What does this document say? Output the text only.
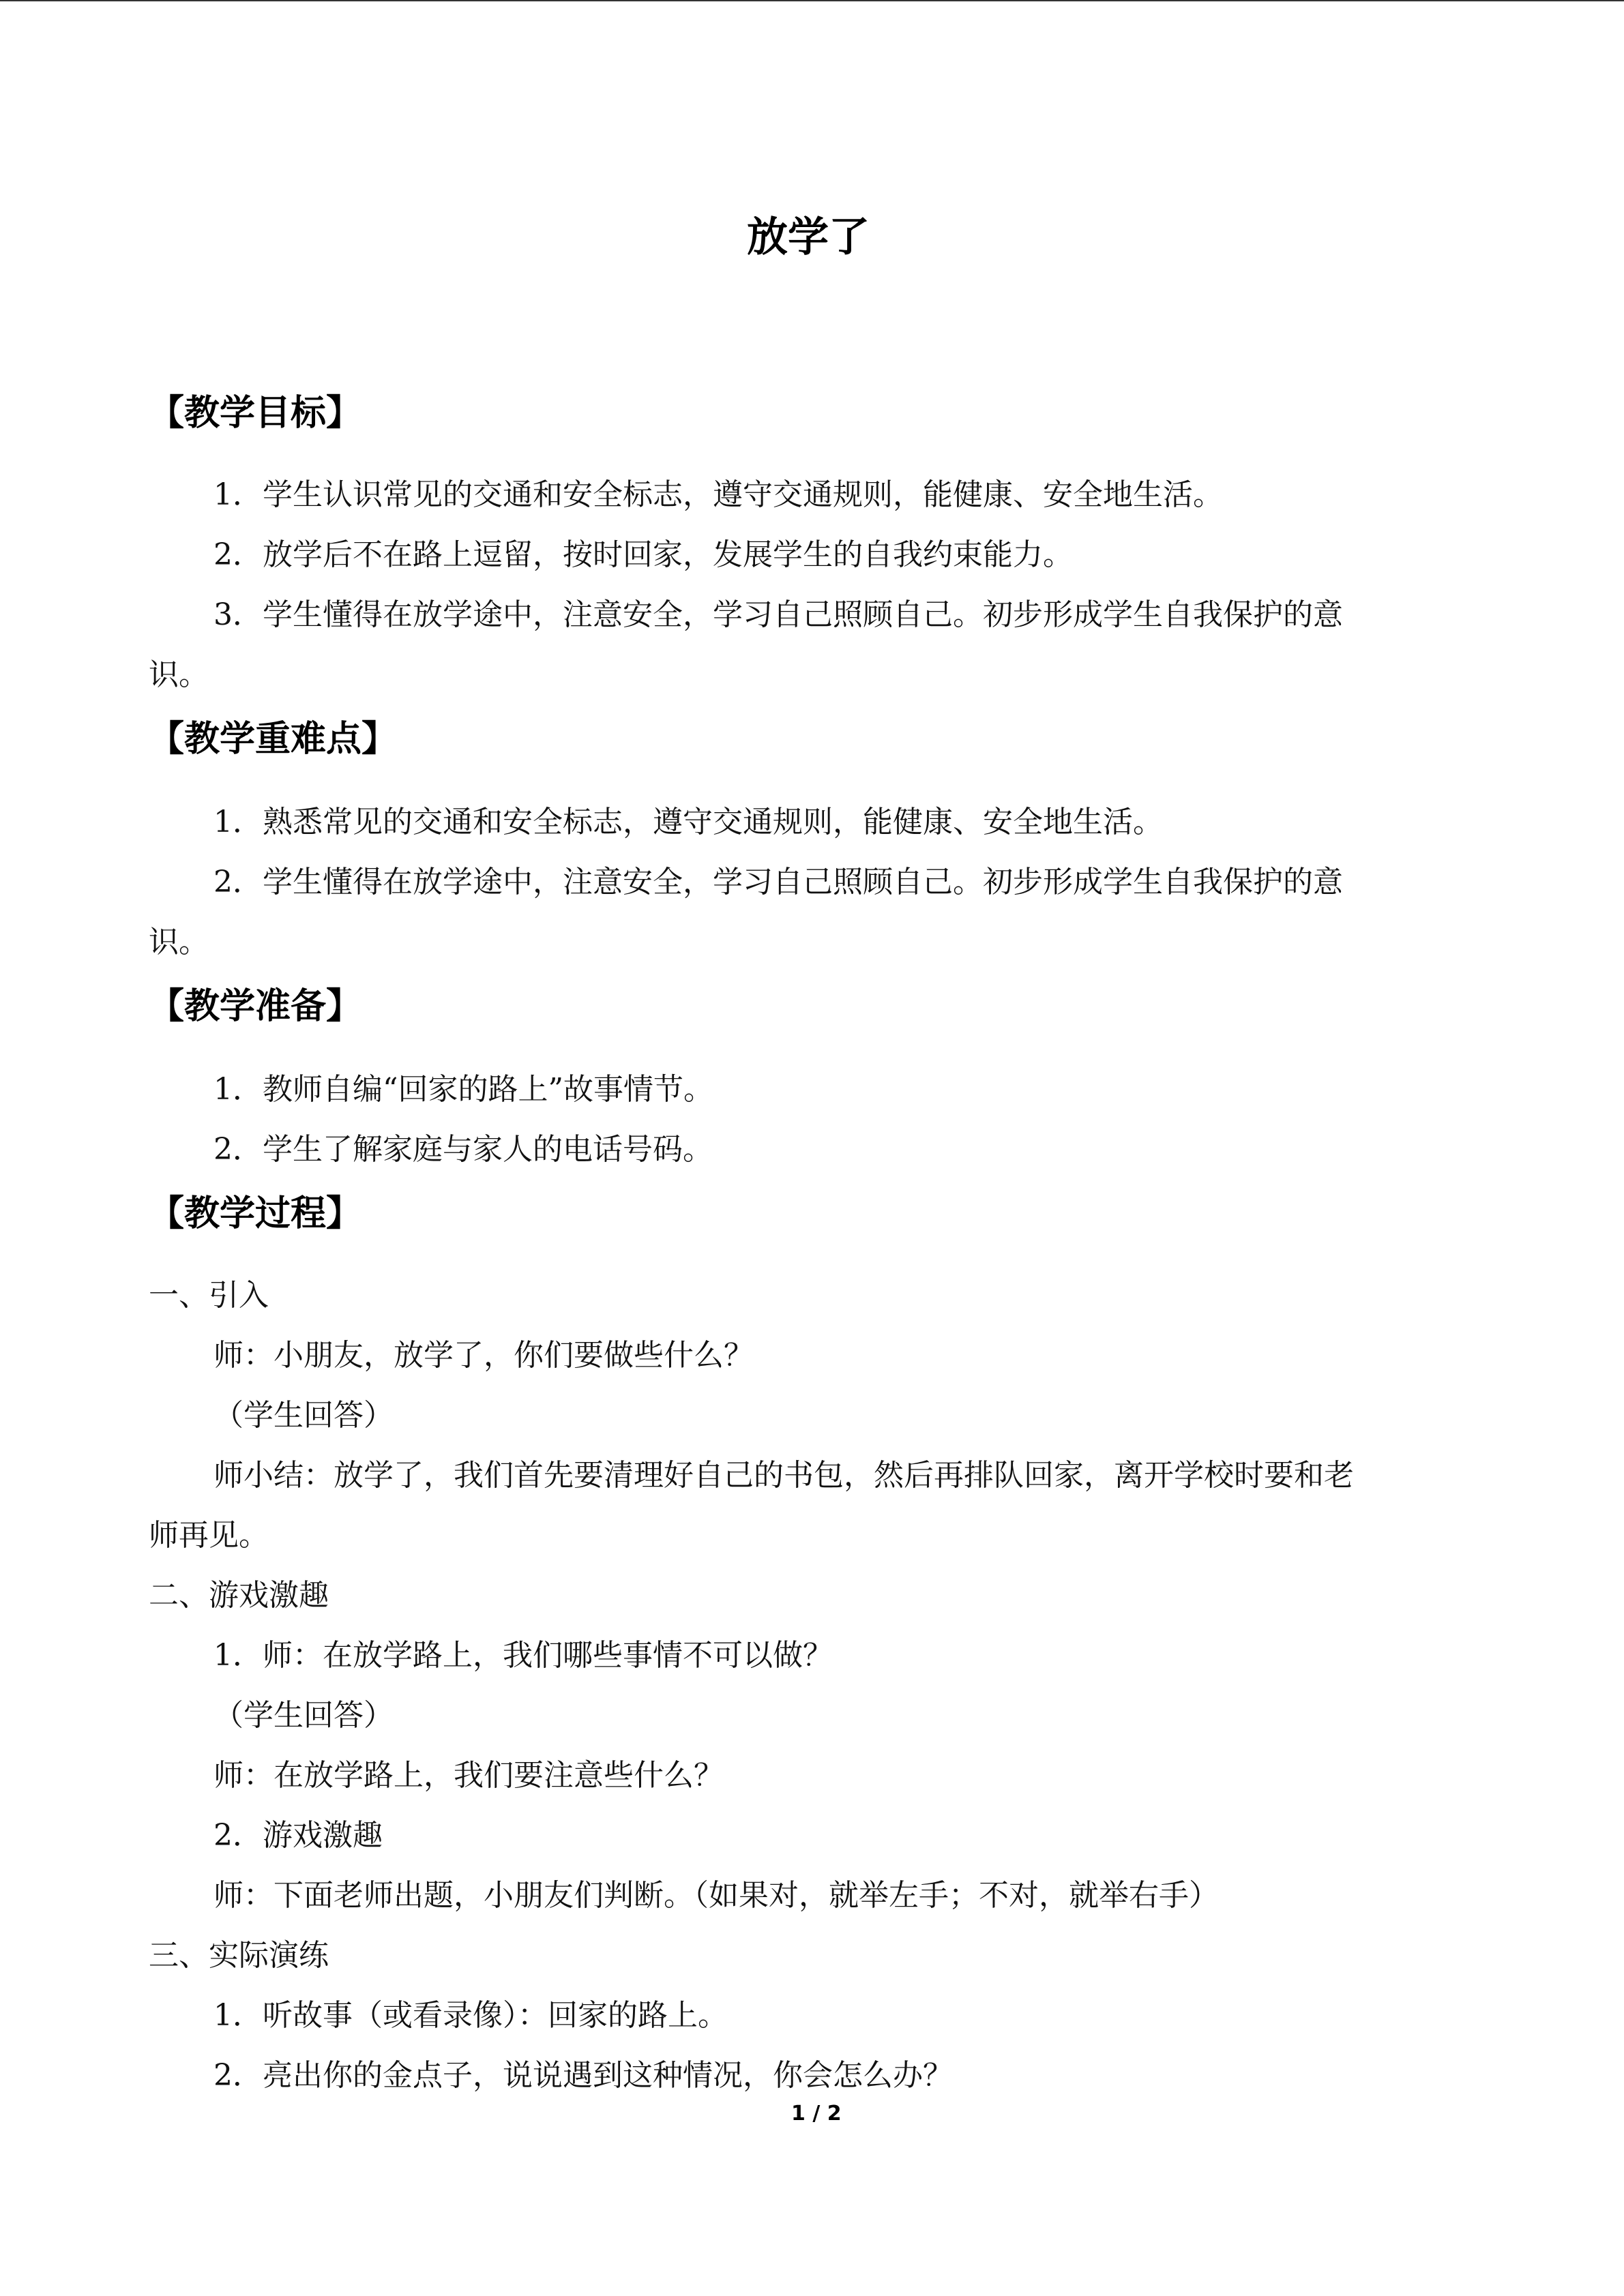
放学了
【教学目标】
1．学生认识常见的交通和安全标志，遵守交通规则，能健康、安全地生活。
2．放学后不在路上逗留，按时回家，发展学生的自我约束能力。
3．学生懂得在放学途中，注意安全，学习自己照顾自己。初步形成学生自我保护的意
识。
【教学重难点】
1．熟悉常见的交通和安全标志，遵守交通规则，能健康、安全地生活。
2．学生懂得在放学途中，注意安全，学习自己照顾自己。初步形成学生自我保护的意
识。
【教学准备】
1．教师自编“回家的路上”故事情节。
2．学生了解家庭与家人的电话号码。
【教学过程】
一、引入
师：小朋友，放学了，你们要做些什么？
（学生回答）
师小结：放学了，我们首先要清理好自己的书包，然后再排队回家，离开学校时要和老
师再见。
二、游戏激趣
1．师：在放学路上，我们哪些事情不可以做？
（学生回答）
师：在放学路上，我们要注意些什么？
2．游戏激趣
师：下面老师出题，小朋友们判断。（如果对，就举左手；不对，就举右手）
三、实际演练
1．听故事（或看录像）：回家的路上。
2．亮出你的金点子，说说遇到这种情况，你会怎么办？
1 / 2
